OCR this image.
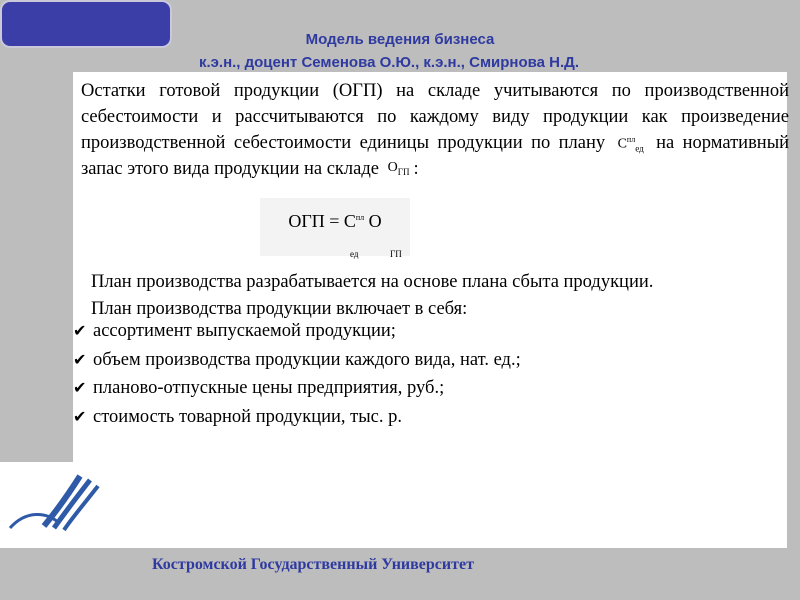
Модель ведения бизнеса
к.э.н., доцент Семенова О.Ю., к.э.н., Смирнова Н.Д.
Остатки готовой продукции (ОГП) на складе учитываются по производственной себестоимости и рассчитываются по каждому виду продукции как произведение производственной себестоимости единицы продукции по плану $С^{пл}_{ед}$ на нормативный запас этого вида продукции на складе $О_{ГП}$ :
ОГП = $С^{пл}$ О
ед	ГП
План производства разрабатывается на основе плана сбыта продукции.
План производства продукции включает в себя:
✔ ассортимент выпускаемой продукции;
✔ объем производства продукции каждого вида, нат. ед.;
✔ планово-отпускные цены предприятия, руб.;
✔ стоимость товарной продукции, тыс. р.
Костромской Государственный Университет
